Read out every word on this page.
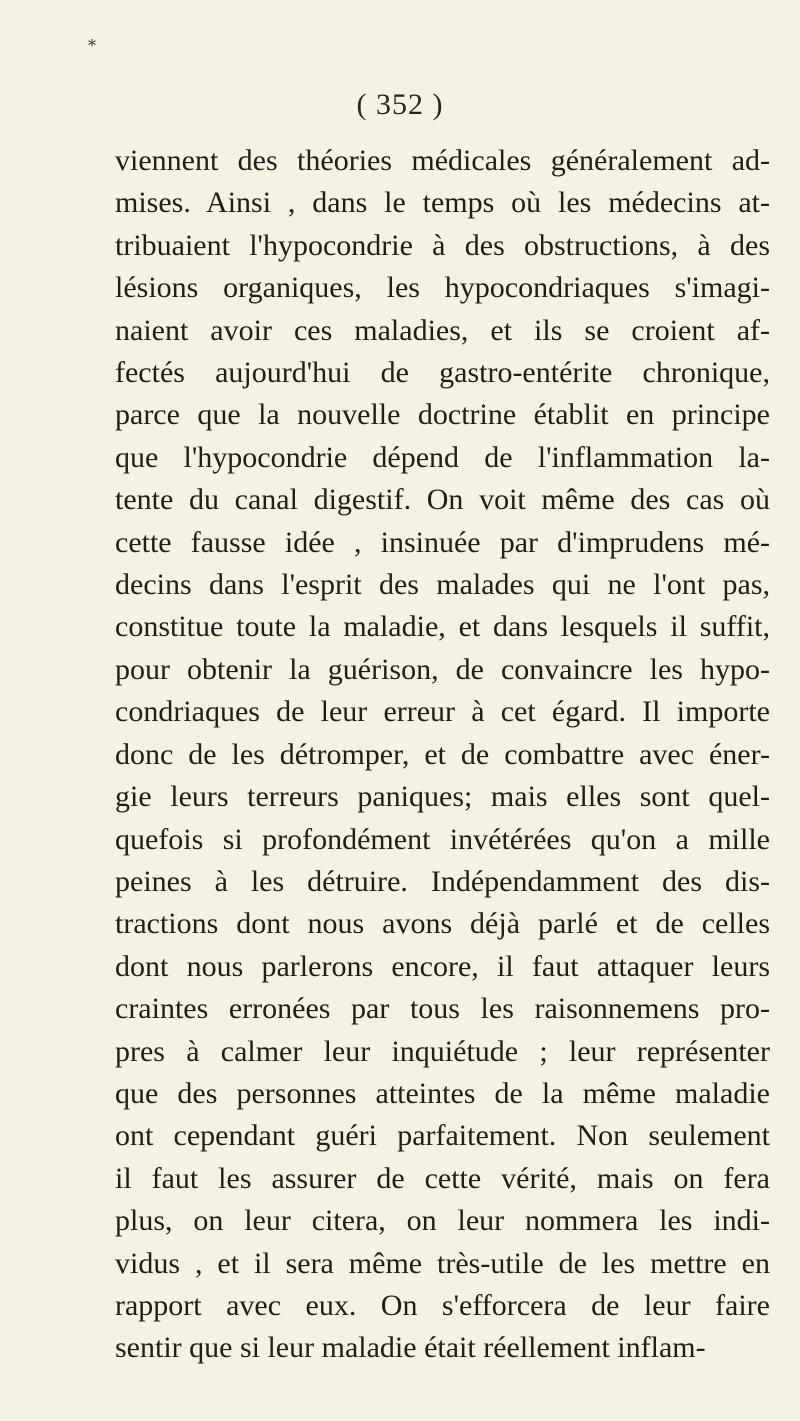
*
( 352 )
viennent des théories médicales généralement ad-
mises. Ainsi , dans le temps où les médecins at-
tribuaient l'hypocondrie à des obstructions, à des
lésions organiques, les hypocondriaques s'imagi-
naient avoir ces maladies, et ils se croient af-
fectés aujourd'hui de gastro-entérite chronique,
parce que la nouvelle doctrine établit en principe
que l'hypocondrie dépend de l'inflammation la-
tente du canal digestif. On voit même des cas où
cette fausse idée , insinuée par d'imprudens mé-
decins dans l'esprit des malades qui ne l'ont pas,
constitue toute la maladie, et dans lesquels il suffit,
pour obtenir la guérison, de convaincre les hypo-
condriaques de leur erreur à cet égard. Il importe
donc de les détromper, et de combattre avec éner-
gie leurs terreurs paniques; mais elles sont quel-
quefois si profondément invétérées qu'on a mille
peines à les détruire. Indépendamment des dis-
tractions dont nous avons déjà parlé et de celles
dont nous parlerons encore, il faut attaquer leurs
craintes erronées par tous les raisonnemens pro-
pres à calmer leur inquiétude ; leur représenter
que des personnes atteintes de la même maladie
ont cependant guéri parfaitement. Non seulement
il faut les assurer de cette vérité, mais on fera
plus, on leur citera, on leur nommera les indi-
vidus , et il sera même très-utile de les mettre en
rapport avec eux. On s'efforcera de leur faire
sentir que si leur maladie était réellement inflam-
